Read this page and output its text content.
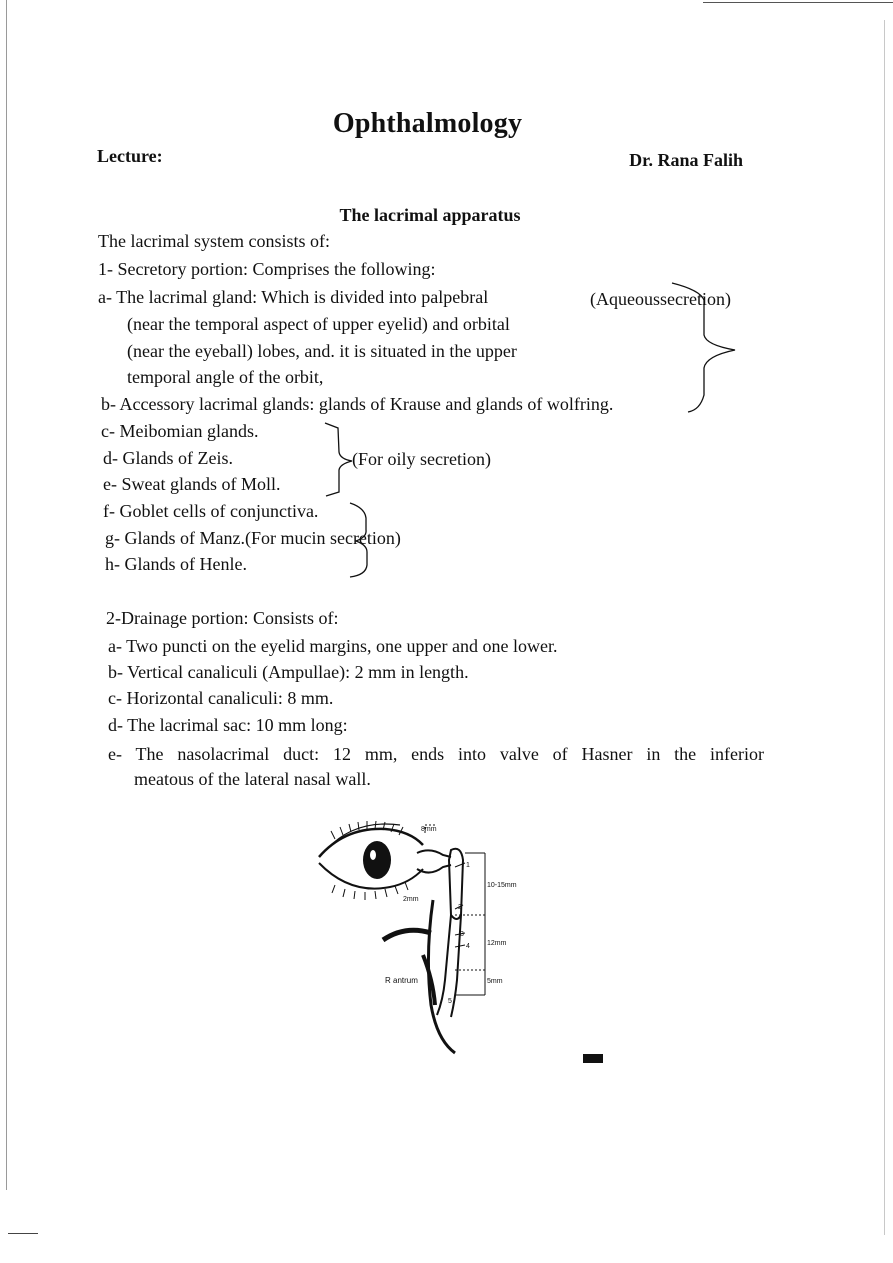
Ophthalmology
Lecture:	Dr. Rana Falih
The lacrimal apparatus
The lacrimal system consists of:
1- Secretory portion: Comprises the following:
a- The lacrimal gland: Which is divided into palpebral
(near the temporal aspect of upper eyelid) and orbital
(near the eyeball) lobes, and. it is situated in the upper
temporal angle of the orbit,
(Aqueoussecretion)
b- Accessory lacrimal glands: glands of Krause and glands of wolfring.
c- Meibomian glands.
d- Glands of Zeis.
e- Sweat glands of Moll.
(For oily secretion)
f- Goblet cells of conjunctiva.
g- Glands of Manz.(For mucin secretion)
h- Glands of Henle.
2-Drainage portion: Consists of:
a- Two puncti on the eyelid margins, one upper and one lower.
b- Vertical canaliculi (Ampullae): 2 mm in length.
c- Horizontal canaliculi: 8 mm.
d- The lacrimal sac: 10 mm long:
e- The nasolacrimal duct: 12 mm, ends into valve of Hasner in the inferior
meatous of the lateral nasal wall.
8mm
1
2
3
4
5
10-15mm
12mm
5mm
2mm
R antrum
